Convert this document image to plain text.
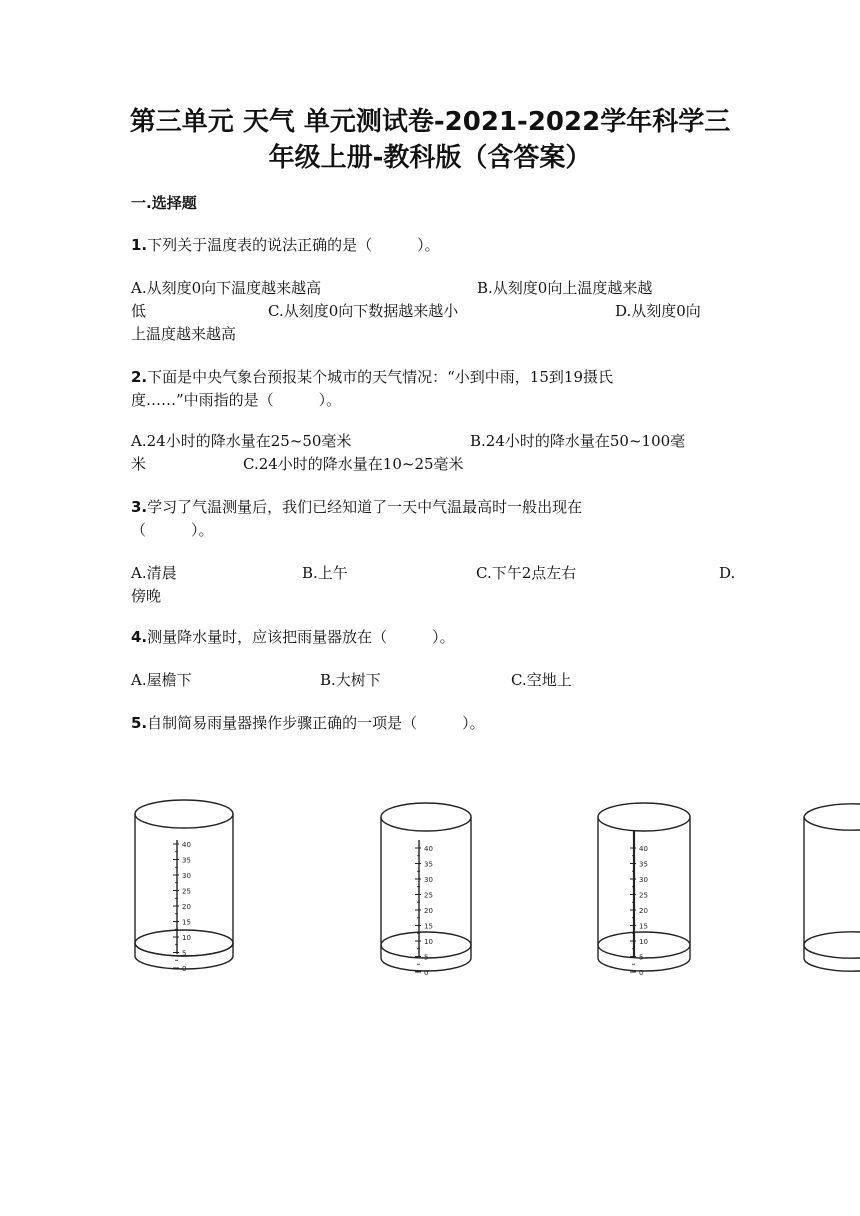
第三单元 天气 单元测试卷-2021-2022学年科学三
年级上册-教科版（含答案）
一.选择题
1.下列关于温度表的说法正确的是（　　　）。
A.从刻度0向下温度越来越高	B.从刻度0向上温度越来越
低	C.从刻度0向下数据越来越小	D.从刻度0向
上温度越来越高
2.下面是中央气象台预报某个城市的天气情况：“小到中雨，15到19摄氏
度……”中雨指的是（　　　）。
A.24小时的降水量在25~50毫米	B.24小时的降水量在50~100毫
米	C.24小时的降水量在10~25毫米
3.学习了气温测量后，我们已经知道了一天中气温最高时一般出现在
（　　　）。
A.清晨	B.上午	C.下午2点左右	D.
傍晚
4.测量降水量时，应该把雨量器放在（　　　）。
A.屋檐下	B.大树下	C.空地上
5.自制简易雨量器操作步骤正确的一项是（　　　）。
40
35
30
25
20
15
10
5
0
40
35
30
25
20
15
10
5
0
40
35
30
25
20
15
10
5
0
